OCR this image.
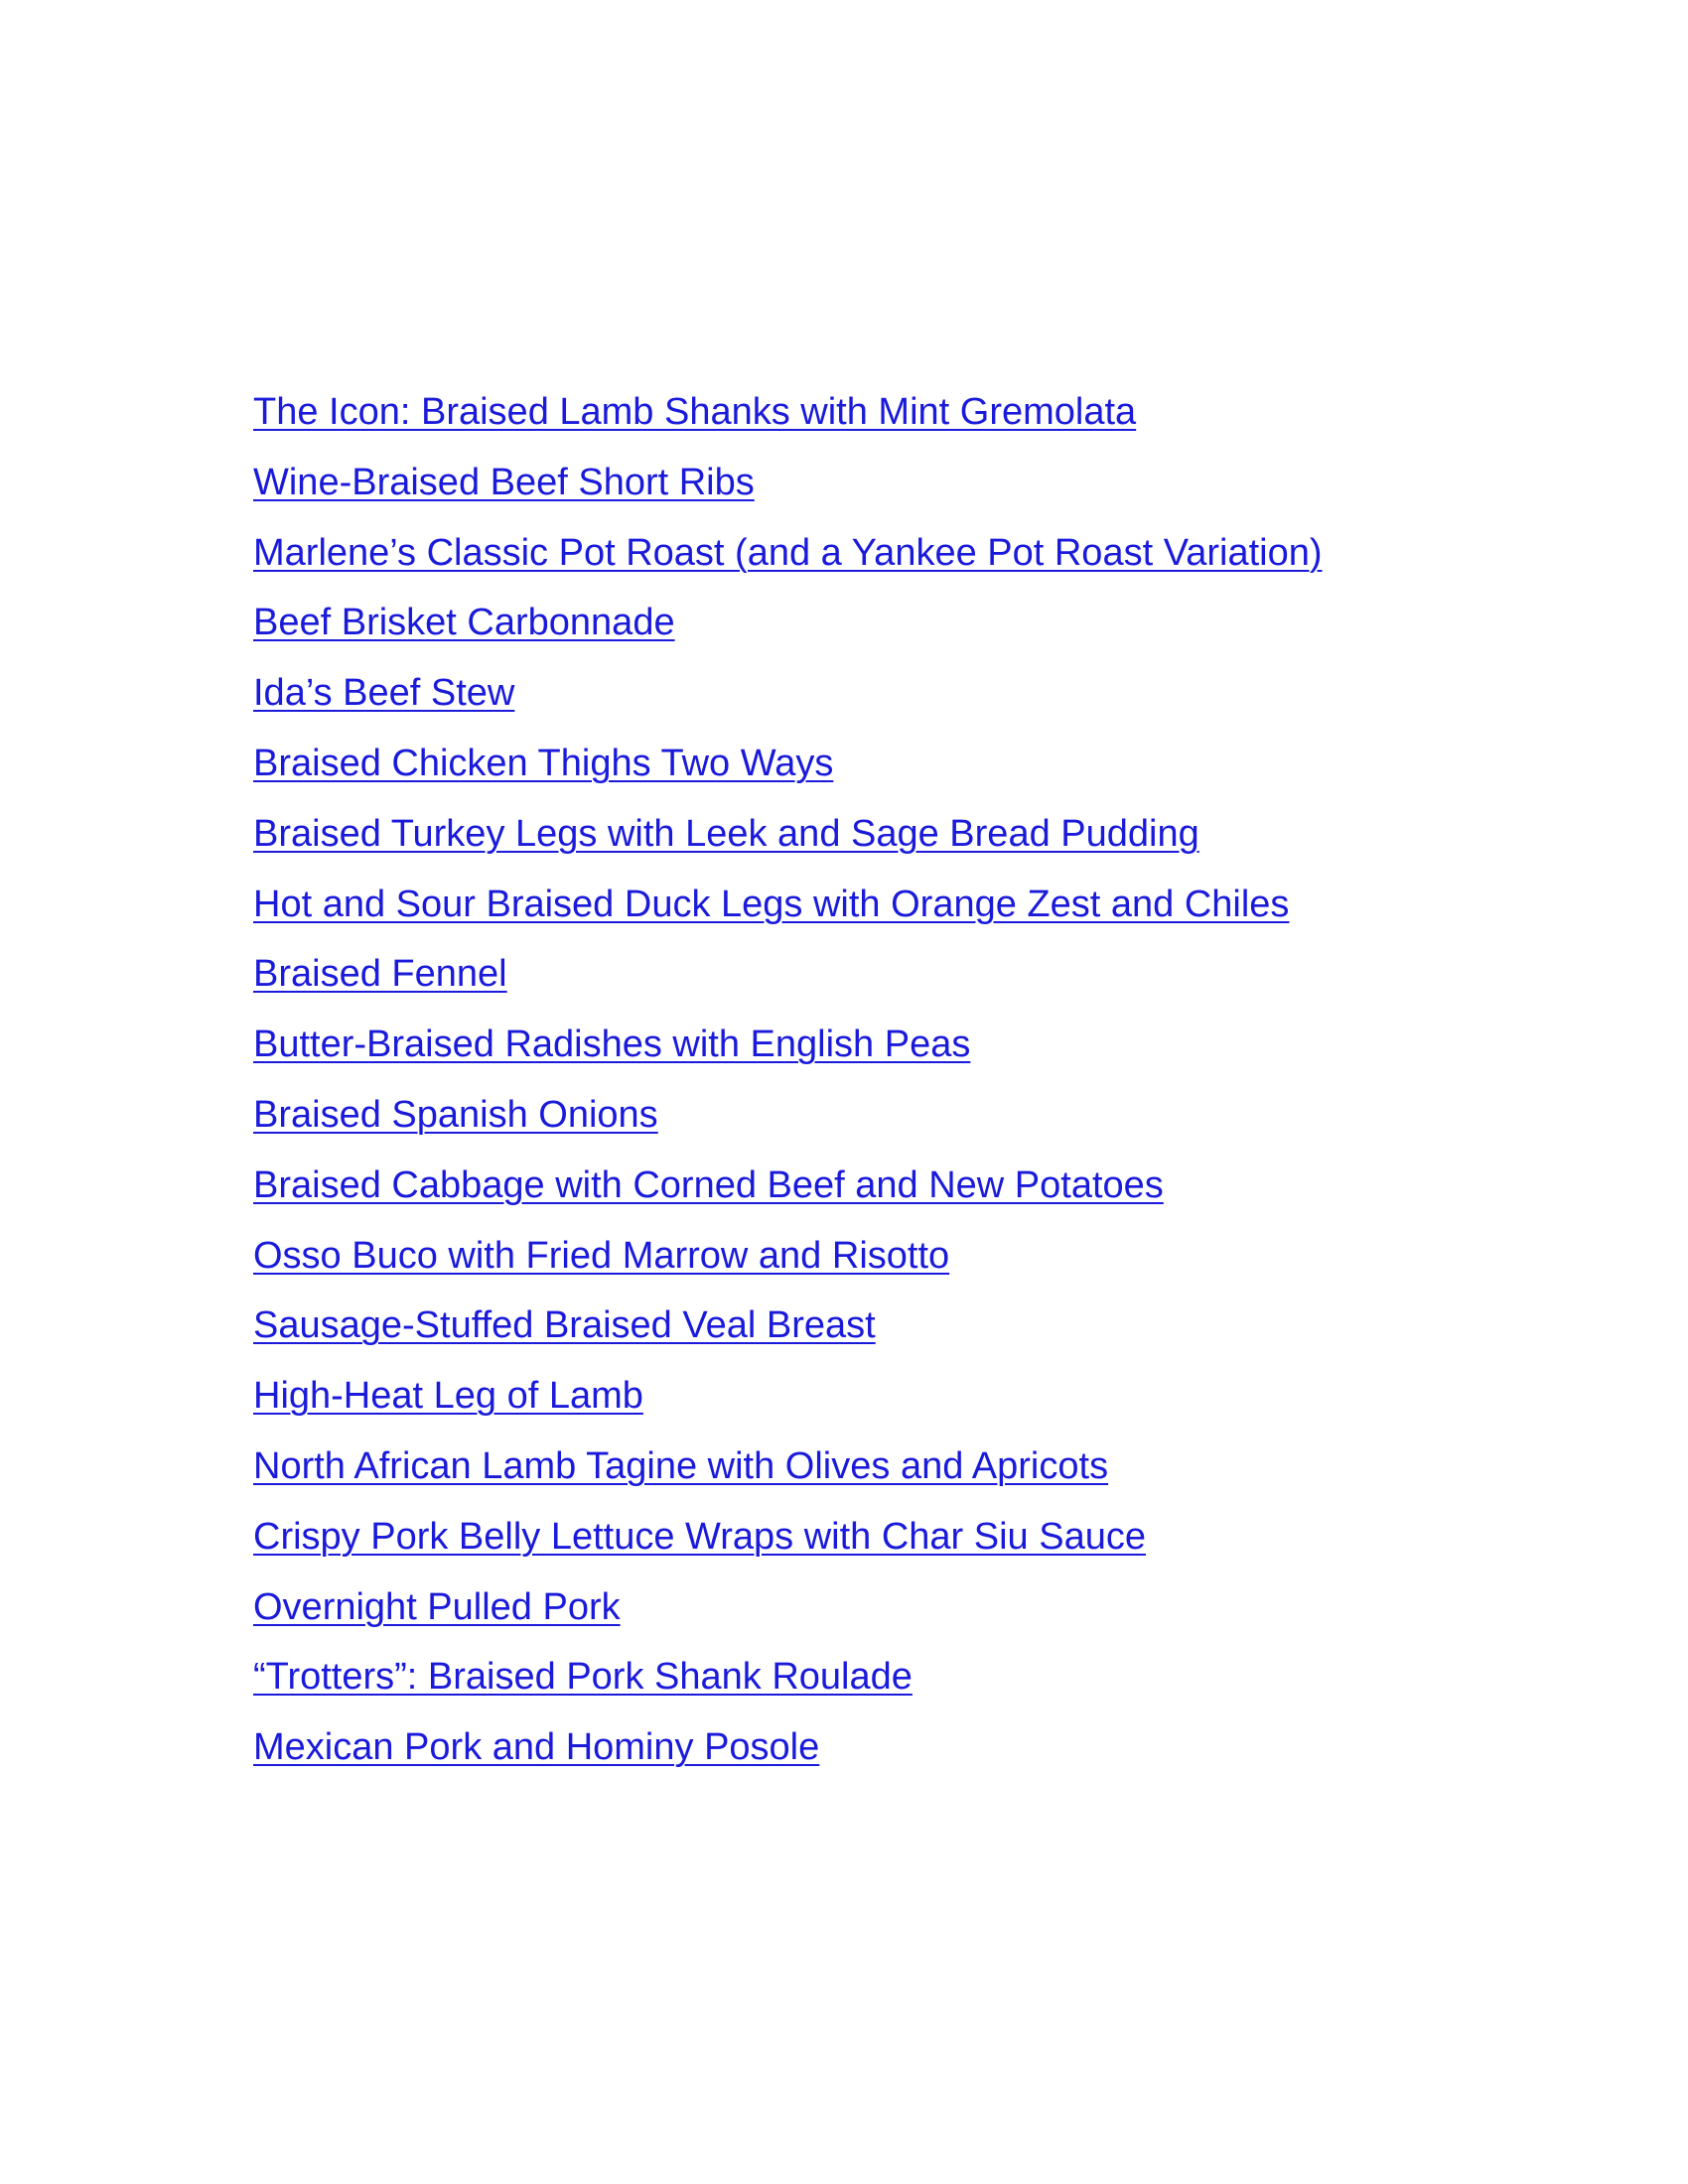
The Icon: Braised Lamb Shanks with Mint Gremolata
Wine-Braised Beef Short Ribs
Marlene’s Classic Pot Roast (and a Yankee Pot Roast Variation)
Beef Brisket Carbonnade
Ida’s Beef Stew
Braised Chicken Thighs Two Ways
Braised Turkey Legs with Leek and Sage Bread Pudding
Hot and Sour Braised Duck Legs with Orange Zest and Chiles
Braised Fennel
Butter-Braised Radishes with English Peas
Braised Spanish Onions
Braised Cabbage with Corned Beef and New Potatoes
Osso Buco with Fried Marrow and Risotto
Sausage-Stuffed Braised Veal Breast
High-Heat Leg of Lamb
North African Lamb Tagine with Olives and Apricots
Crispy Pork Belly Lettuce Wraps with Char Siu Sauce
Overnight Pulled Pork
“Trotters”: Braised Pork Shank Roulade
Mexican Pork and Hominy Posole
